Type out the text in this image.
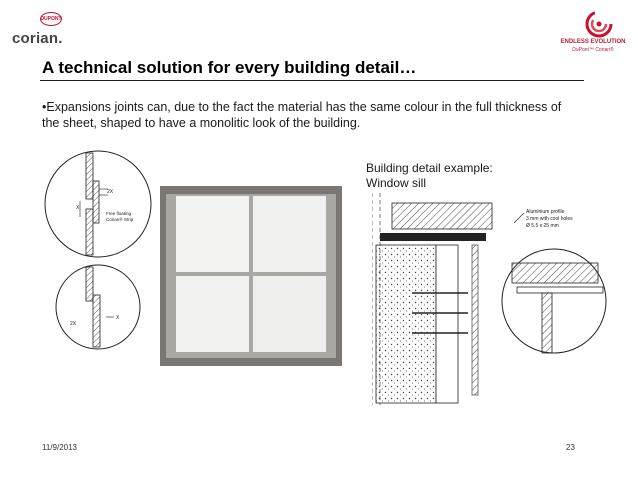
DUPONT
corian.	ENDLESS EVOLUTION
DuPont™ Corian®
A technical solution for every building detail…
•Expansions joints can, due to the fact the material has the same colour in the full thickness of the sheet, shaped to have a monolitic look of the building.
Building detail example:
Window sill
2X
X
Free floating
Corian® Strip
2X
X
Aluminium profile
3 mm with cool holes
Ø 5.5 x 25 mm
11/9/2013	23
